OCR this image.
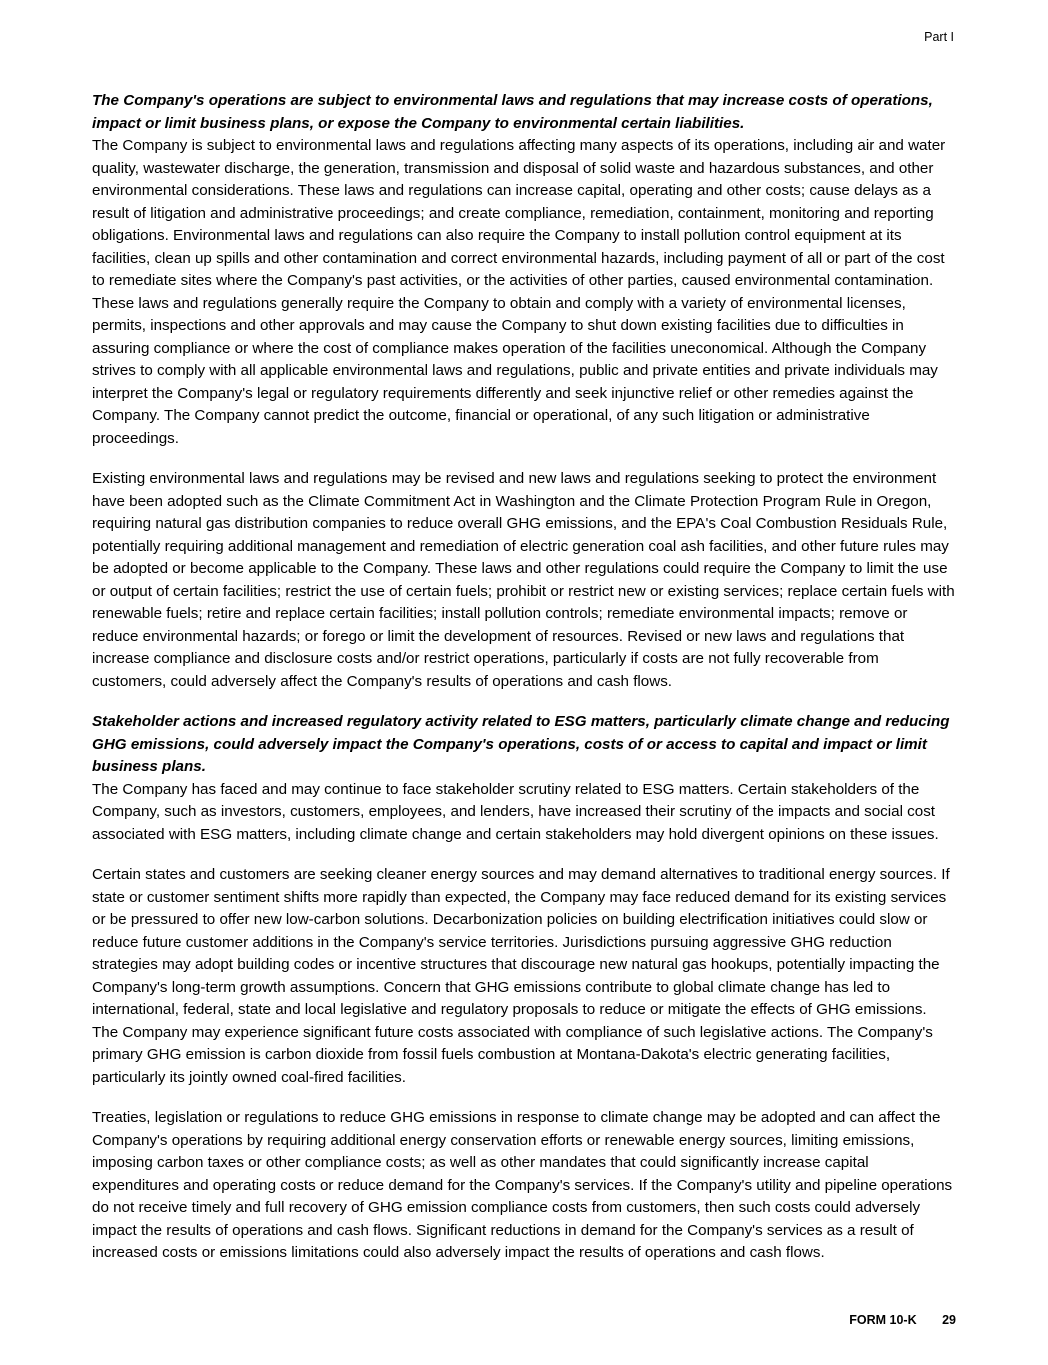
Part I
The Company's operations are subject to environmental laws and regulations that may increase costs of operations, impact or limit business plans, or expose the Company to environmental certain liabilities.

The Company is subject to environmental laws and regulations affecting many aspects of its operations, including air and water quality, wastewater discharge, the generation, transmission and disposal of solid waste and hazardous substances, and other environmental considerations. These laws and regulations can increase capital, operating and other costs; cause delays as a result of litigation and administrative proceedings; and create compliance, remediation, containment, monitoring and reporting obligations. Environmental laws and regulations can also require the Company to install pollution control equipment at its facilities, clean up spills and other contamination and correct environmental hazards, including payment of all or part of the cost to remediate sites where the Company's past activities, or the activities of other parties, caused environmental contamination. These laws and regulations generally require the Company to obtain and comply with a variety of environmental licenses, permits, inspections and other approvals and may cause the Company to shut down existing facilities due to difficulties in assuring compliance or where the cost of compliance makes operation of the facilities uneconomical. Although the Company strives to comply with all applicable environmental laws and regulations, public and private entities and private individuals may interpret the Company's legal or regulatory requirements differently and seek injunctive relief or other remedies against the Company. The Company cannot predict the outcome, financial or operational, of any such litigation or administrative proceedings.

Existing environmental laws and regulations may be revised and new laws and regulations seeking to protect the environment have been adopted such as the Climate Commitment Act in Washington and the Climate Protection Program Rule in Oregon, requiring natural gas distribution companies to reduce overall GHG emissions, and the EPA's Coal Combustion Residuals Rule, potentially requiring additional management and remediation of electric generation coal ash facilities, and other future rules may be adopted or become applicable to the Company. These laws and other regulations could require the Company to limit the use or output of certain facilities; restrict the use of certain fuels; prohibit or restrict new or existing services; replace certain fuels with renewable fuels; retire and replace certain facilities; install pollution controls; remediate environmental impacts; remove or reduce environmental hazards; or forego or limit the development of resources. Revised or new laws and regulations that increase compliance and disclosure costs and/or restrict operations, particularly if costs are not fully recoverable from customers, could adversely affect the Company's results of operations and cash flows.

Stakeholder actions and increased regulatory activity related to ESG matters, particularly climate change and reducing GHG emissions, could adversely impact the Company's operations, costs of or access to capital and impact or limit business plans.

The Company has faced and may continue to face stakeholder scrutiny related to ESG matters. Certain stakeholders of the Company, such as investors, customers, employees, and lenders, have increased their scrutiny of the impacts and social cost associated with ESG matters, including climate change and certain stakeholders may hold divergent opinions on these issues.

Certain states and customers are seeking cleaner energy sources and may demand alternatives to traditional energy sources. If state or customer sentiment shifts more rapidly than expected, the Company may face reduced demand for its existing services or be pressured to offer new low-carbon solutions. Decarbonization policies on building electrification initiatives could slow or reduce future customer additions in the Company's service territories. Jurisdictions pursuing aggressive GHG reduction strategies may adopt building codes or incentive structures that discourage new natural gas hookups, potentially impacting the Company's long-term growth assumptions. Concern that GHG emissions contribute to global climate change has led to international, federal, state and local legislative and regulatory proposals to reduce or mitigate the effects of GHG emissions. The Company may experience significant future costs associated with compliance of such legislative actions. The Company's primary GHG emission is carbon dioxide from fossil fuels combustion at Montana-Dakota's electric generating facilities, particularly its jointly owned coal-fired facilities.

Treaties, legislation or regulations to reduce GHG emissions in response to climate change may be adopted and can affect the Company's operations by requiring additional energy conservation efforts or renewable energy sources, limiting emissions, imposing carbon taxes or other compliance costs; as well as other mandates that could significantly increase capital expenditures and operating costs or reduce demand for the Company's services. If the Company's utility and pipeline operations do not receive timely and full recovery of GHG emission compliance costs from customers, then such costs could adversely impact the results of operations and cash flows. Significant reductions in demand for the Company's services as a result of increased costs or emissions limitations could also adversely impact the results of operations and cash flows.

FORM 10-K 29
